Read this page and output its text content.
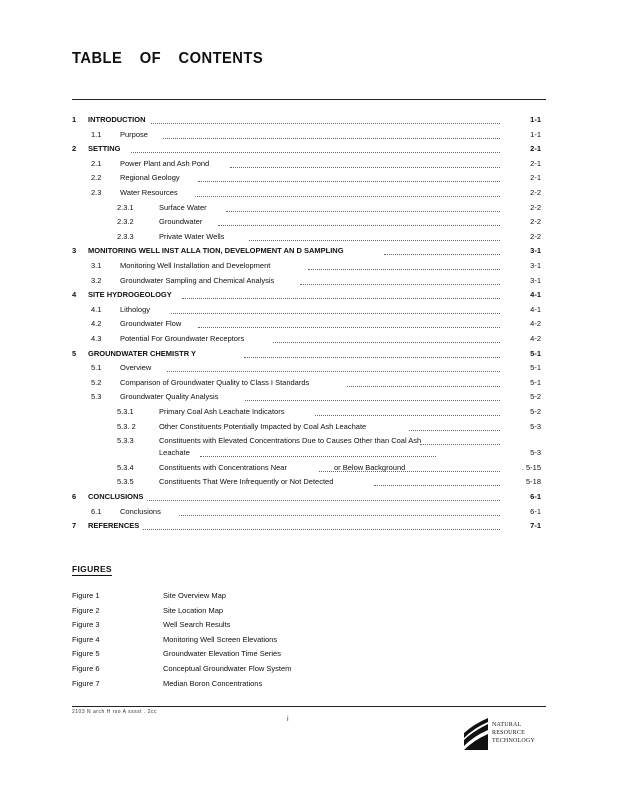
TABLE OF CONTENTS
1 INTRODUCTION	1-1
1.1 Purpose	1-1
2 SETTING	2-1
2.1 Power Plant and Ash Pond	2-1
2.2 Regional Geology	2-1
2.3 Water Resources	2-2
2.3.1	Surface Water	2-2
2.3.2	Groundwater	2-2
2.3.3	Private Water Wells	2-2
3 MONITORING WELL INST ALLA TION, DEVELOPMENT AN D SAMPLING	3-1
3.1 Monitoring Well Installation and Development	3-1
3.2 Groundwater Sampling and Chemical Analysis	3-1
4 SITE HYDROGEOLOGY	4-1
4.1 Lithology	4-1
4.2 Groundwater Flow	4-2
4.3 Potential For Groundwater Receptors	4-2
5 GROUNDWATER CHEMISTR Y	5-1
5.1 Overview	5-1
5.2 Comparison of Groundwater Quality to Class I Standards	5-1
5.3 Groundwater Quality Analysis	5-2
5.3.1	Primary Coal Ash Leachate Indicators	5-2
5.3. 2	Other Constituents Potentially Impacted by Coal Ash Leachate	5-3
5.3.3	Constituents with Elevated Concentrations Due to Causes Other than Coal Ash
Leachate	5-3
5.3.4	Constituents with Concentrations Near	or Below Background	. 5-15
5.3.5	Constituents That Were Infrequently or Not Detected	5-18
6 CONCLUSIONS	6-1
6.1 Conclusions	6-1
7 REFERENCES	7-1
FIGURES
Figure 1	Site Overview Map
Figure 2	Site Location Map
Figure 3	Well Search Results
Figure 4	Monitoring Well Screen Elevations
Figure 5	Groundwater Elevation Time Series
Figure 6	Conceptual Groundwater Flow System
Figure 7	Median Boron Concentrations
2103 N arch H rso A sssst . 2cc
i
NATURAL
RESOURCE
TECHNOLOGY
